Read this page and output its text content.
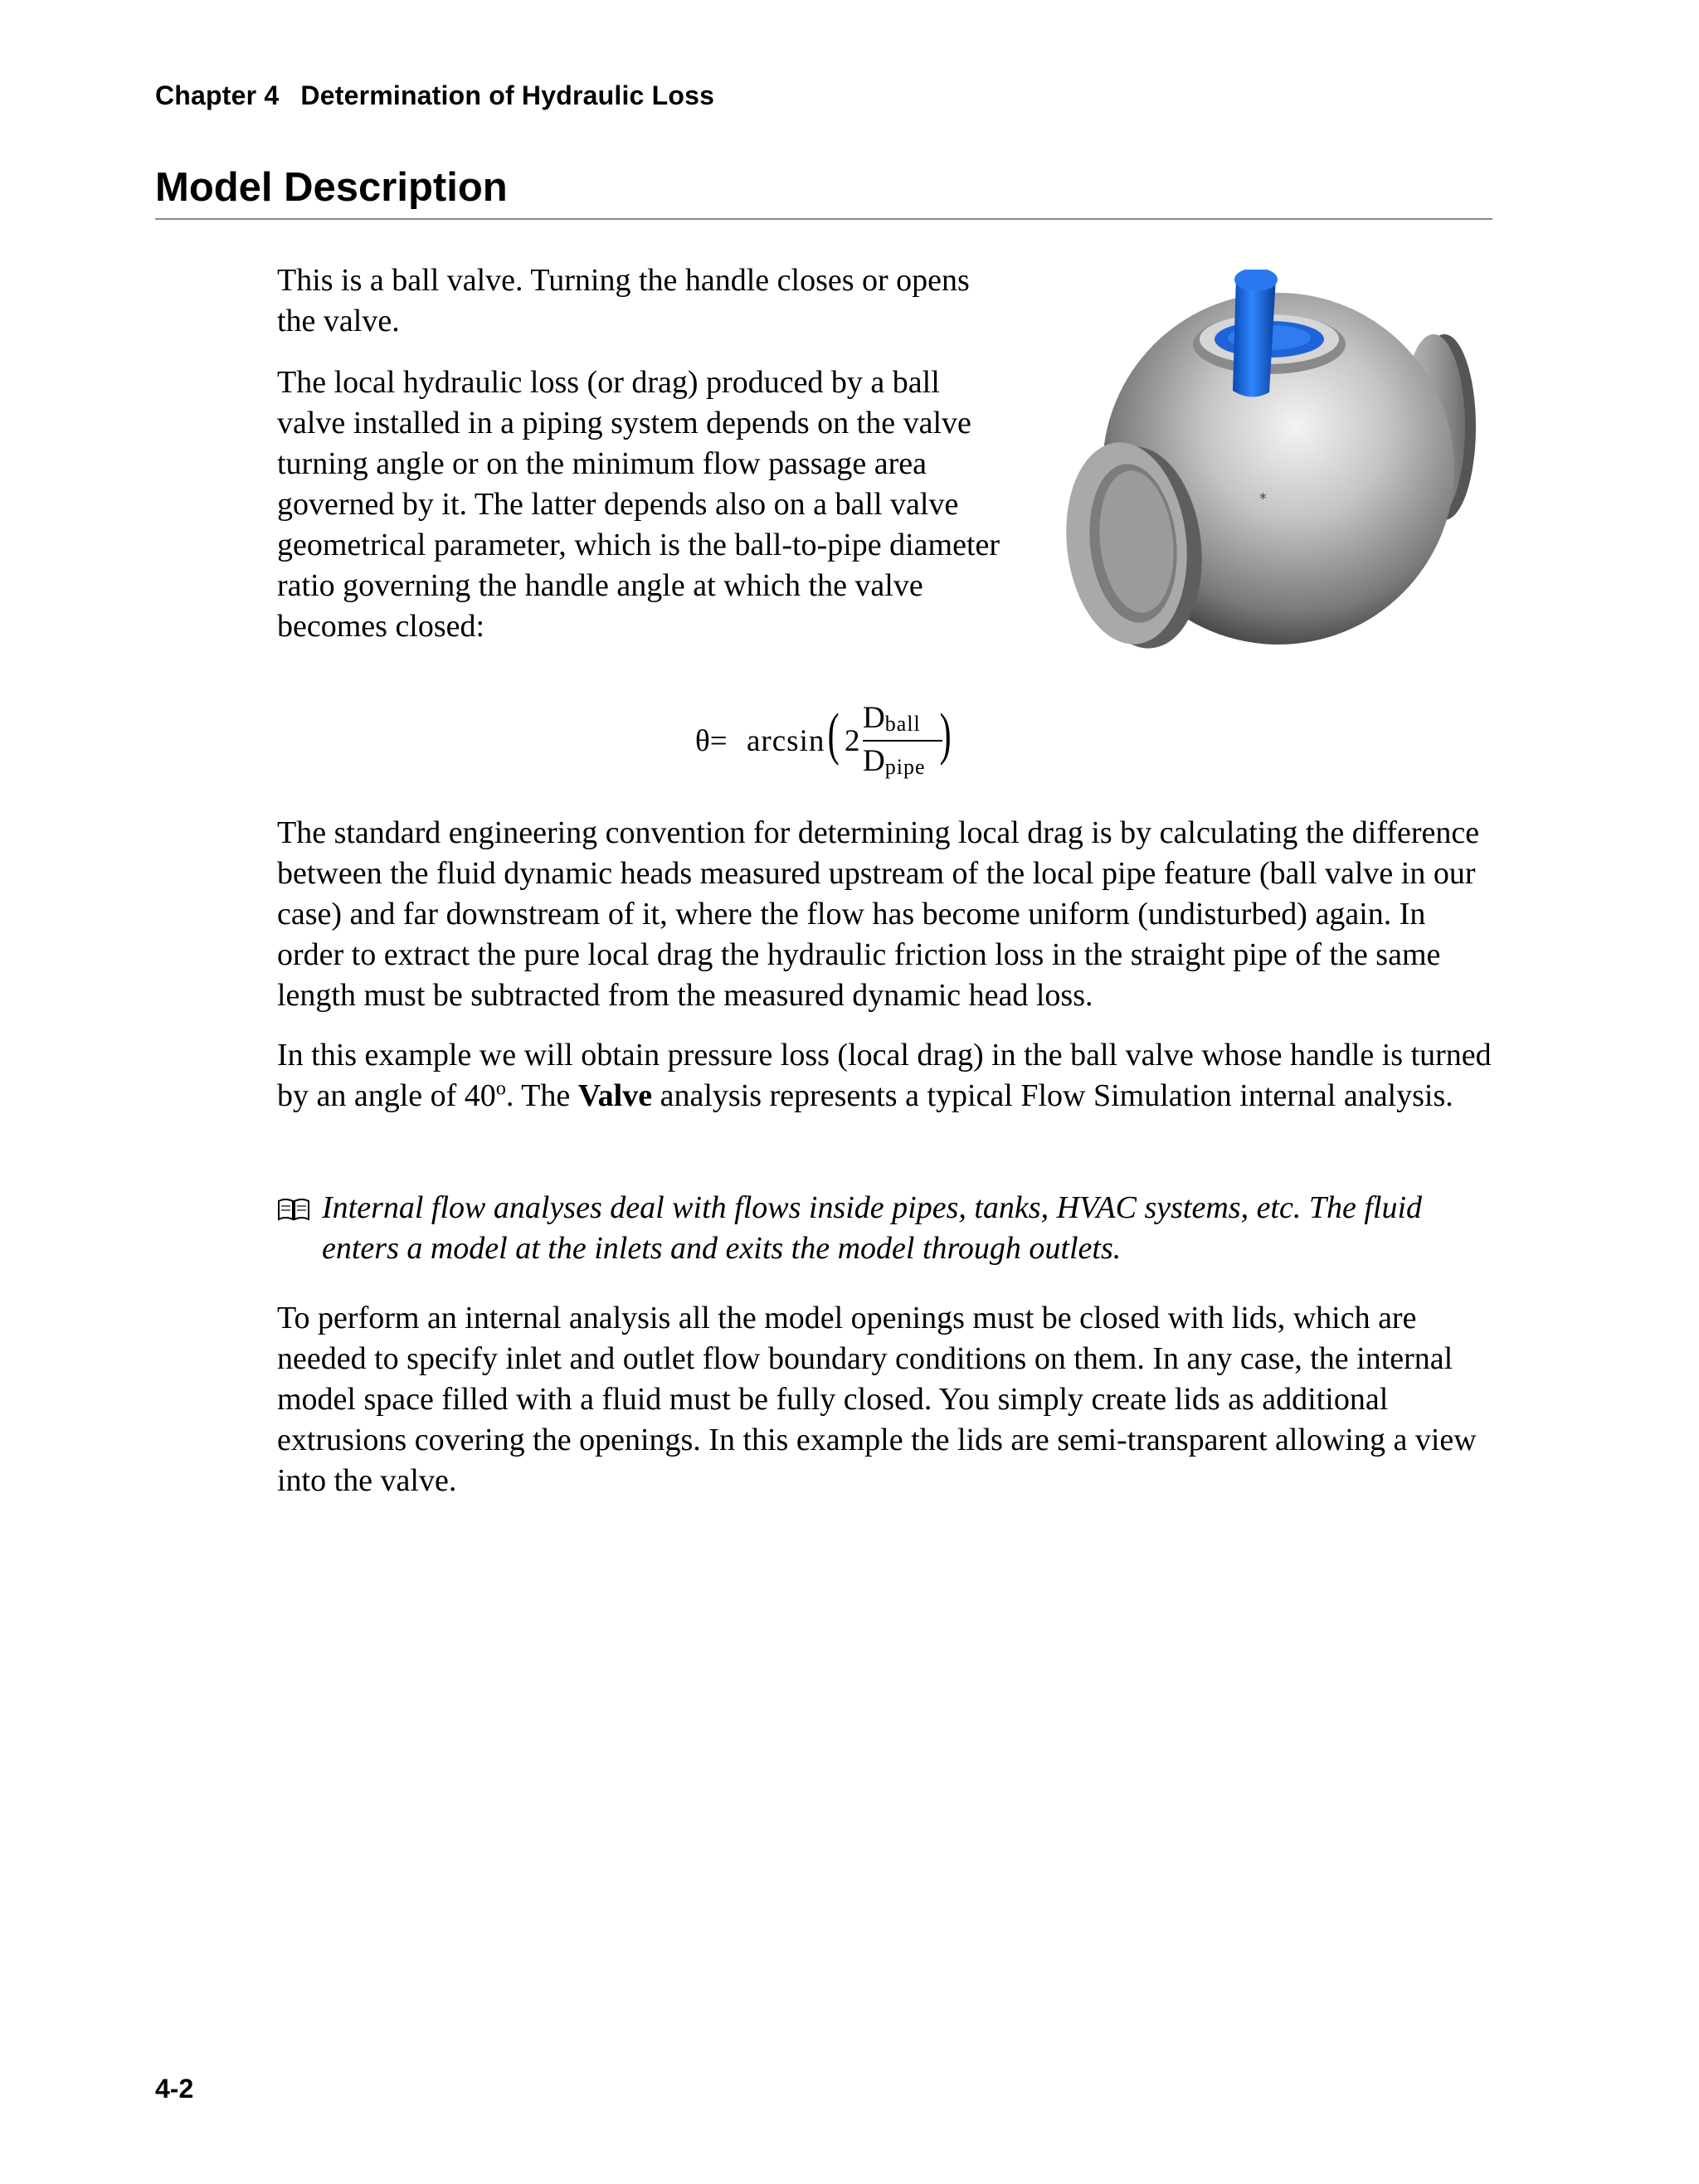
Chapter 4 Determination of Hydraulic Loss
Model Description

This is a ball valve. Turning the handle closes or opens the valve.

The local hydraulic loss (or drag) produced by a ball valve installed in a piping system depends on the valve turning angle or on the minimum flow passage area governed by it. The latter depends also on a ball valve geometrical parameter, which is the ball-to-pipe diameter ratio governing the handle angle at which the valve becomes closed:

*
θ= arcsin ( 2
Dball
Dpipe
)

The standard engineering convention for determining local drag is by calculating the difference between the fluid dynamic heads measured upstream of the local pipe feature (ball valve in our case) and far downstream of it, where the flow has become uniform (undisturbed) again. In order to extract the pure local drag the hydraulic friction loss in the straight pipe of the same length must be subtracted from the measured dynamic head loss.

In this example we will obtain pressure loss (local drag) in the ball valve whose handle is turned by an angle of 40$^o$. The Valve analysis represents a typical Flow Simulation internal analysis.

Internal flow analyses deal with flows inside pipes, tanks, HVAC systems, etc. The fluid enters a model at the inlets and exits the model through outlets.

To perform an internal analysis all the model openings must be closed with lids, which are needed to specify inlet and outlet flow boundary conditions on them. In any case, the internal model space filled with a fluid must be fully closed. You simply create lids as additional extrusions covering the openings. In this example the lids are semi-transparent allowing a view into the valve.

4-2
